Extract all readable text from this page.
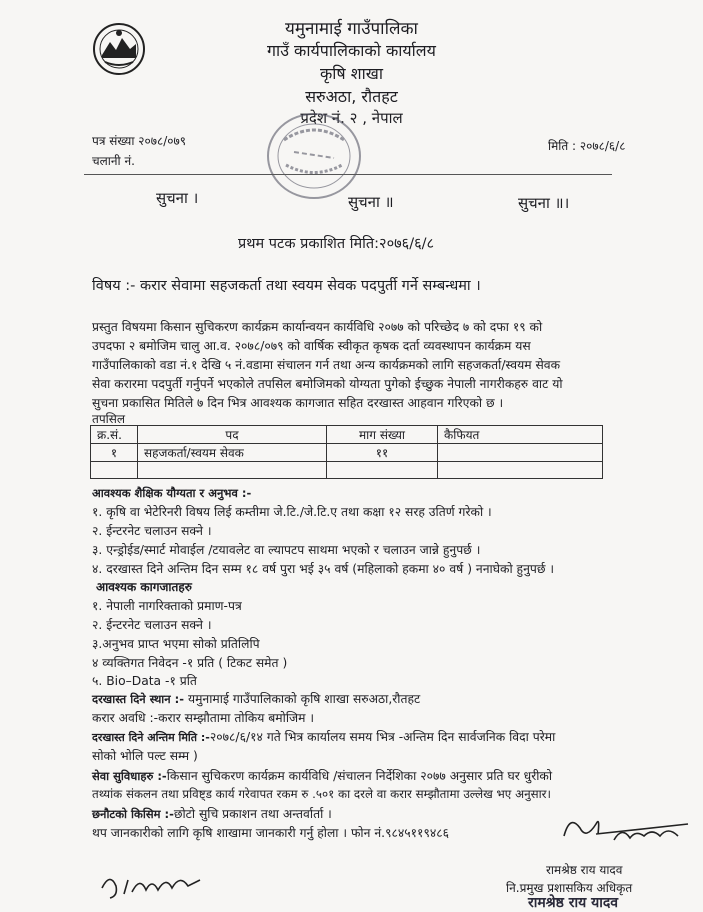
यमुनामाई गाउँपालिका
गाउँ कार्यपालिकाको कार्यालय
कृषि शाखा
सरुअठा, रौतहट
प्रदेश नं. २ , नेपाल
पत्र संख्या २०७८/०७९
चलानी नं.
मिति : २०७८/६/८
सुचना ।	सुचना ॥	सुचना ॥।
प्रथम पटक प्रकाशित मिति:२०७६/६/८
विषय :- करार सेवामा सहजकर्ता तथा स्वयम सेवक पदपुर्ती गर्ने सम्बन्धमा ।
प्रस्तुत विषयमा किसान सुचिकरण कार्यक्रम कार्यान्वयन कार्यविधि २०७७ को परिच्छेद ७ को दफा १९ को
उपदफा २ बमोजिम चालु आ.व. २०७८/०७९ को वार्षिक स्वीकृत कृषक दर्ता व्यवस्थापन कार्यक्रम यस
गाउँपालिकाको वडा नं.१ देखि ५ नं.वडामा संचालन गर्न तथा अन्य कार्यक्रमको लागि सहजकर्ता/स्वयम सेवक
सेवा करारमा पदपुर्ती गर्नुपर्ने भएकोले तपसिल बमोजिमको योग्यता पुगेको ईच्छुक नेपाली नागरीकहरु वाट यो
सुचना प्रकासित मितिले ७ दिन भित्र आवश्यक कागजात सहित दरखास्त आहवान गरिएको छ ।
तपसिल
क्र.सं.	पद	माग संख्या	कैफियत
१	सहजकर्ता/स्वयम सेवक	११	

आवश्यक शैक्षिक यौग्यता र अनुभव :-
१. कृषि वा भेटेरिनरी विषय लिई कम्तीमा जे.टि./जे.टि.ए तथा कक्षा १२ सरह उतिर्ण गरेको ।
२. ईन्टरनेट चलाउन सक्ने ।
३. एन्ड्रोईड/स्मार्ट मोवाईल /टयावलेट वा ल्यापटप साथमा भएको र चलाउन जान्ने हुनुपर्छ ।
४. दरखास्त दिने अन्तिम दिन सम्म १८ वर्ष पुरा भई ३५ वर्ष (महिलाको हकमा ४० वर्ष ) ननाघेको हुनुपर्छ ।
आवश्यक कागजातहरु
१. नेपाली नागरिक्ताको प्रमाण-पत्र
२. ईन्टरनेट चलाउन सक्ने ।
३.अनुभव प्राप्त भएमा सोको प्रतिलिपि
४ व्यक्तिगत निवेदन -१ प्रति ( टिकट समेत )
५. Bio–Data -१ प्रति
दरखास्त दिने स्थान :- यमुनामाई गाउँपालिकाको कृषि शाखा सरुअठा,रौतहट
करार अवधि :-करार सम्झौतामा तोकिय बमोजिम ।
दरखास्त दिने अन्तिम मिति :-२०७८/६/१४ गते भित्र कार्यालय समय भित्र -अन्तिम दिन सार्वजनिक विदा परेमा
सोको भोलि पल्ट सम्म )
सेवा सुविधाहरु :-किसान सुचिकरण कार्यक्रम कार्यविधि /संचालन निर्देशिका २०७७ अनुसार प्रति घर धुरीको
तथ्यांक संकलन तथा प्रविष्ट्ड कार्य गरेवापत रकम रु .५०१ का दरले वा करार सम्झौतामा उल्लेख भए अनुसार।
छनौटको किसिम :-छोटो सुचि प्रकाशन तथा अन्तर्वार्ता ।
थप जानकारीको लागि कृषि शाखामा जानकारी गर्नु होला । फोन नं.९८४५११९४८६
रामश्रेष्ठ राय यादव
नि.प्रमुख प्रशासकिय अधिकृत
रामश्रेष्ठ राय यादव
